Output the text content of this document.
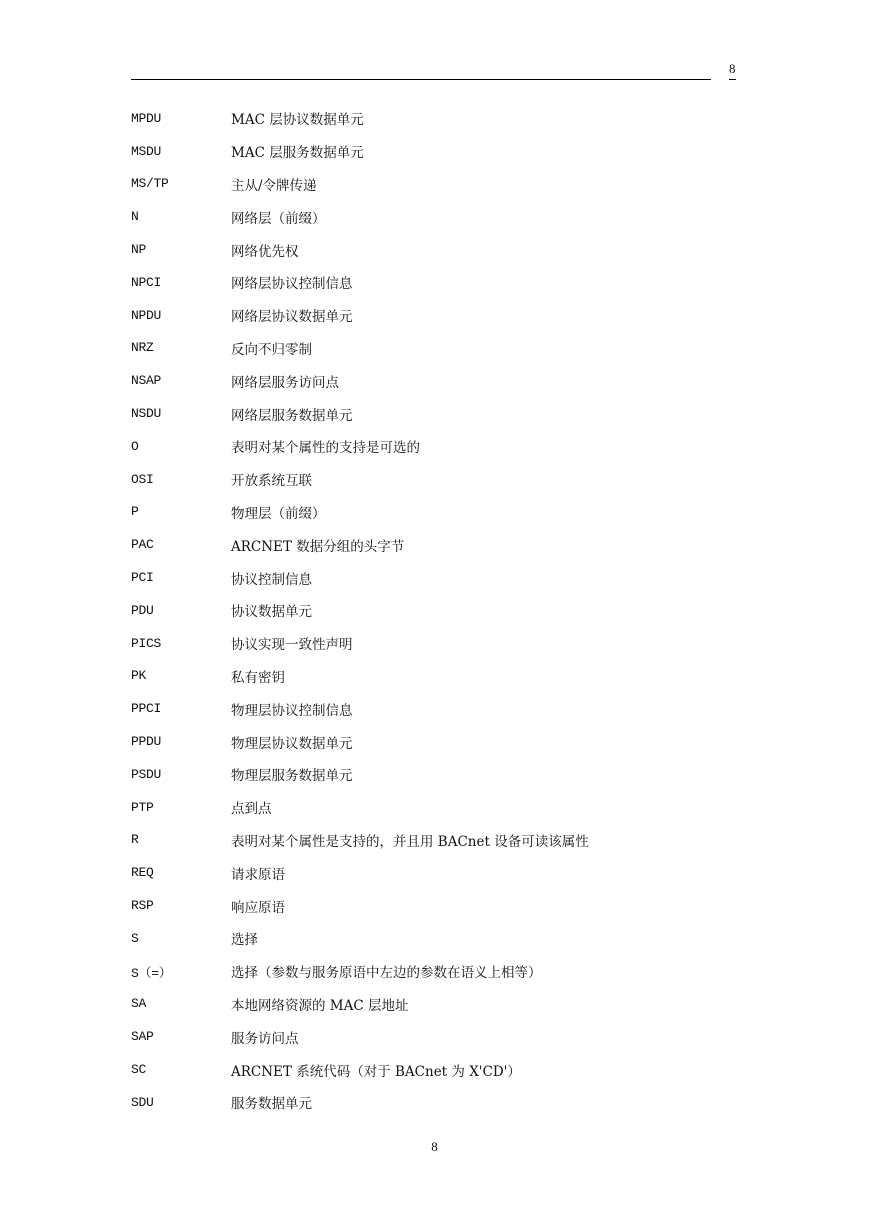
8
MPDU	MAC 层协议数据单元
MSDU	MAC 层服务数据单元
MS/TP	主从/令牌传递
N	网络层（前缀）
NP	网络优先权
NPCI	网络层协议控制信息
NPDU	网络层协议数据单元
NRZ	反向不归零制
NSAP	网络层服务访问点
NSDU	网络层服务数据单元
O	表明对某个属性的支持是可选的
OSI	开放系统互联
P	物理层（前缀）
PAC	ARCNET 数据分组的头字节
PCI	协议控制信息
PDU	协议数据单元
PICS	协议实现一致性声明
PK	私有密钥
PPCI	物理层协议控制信息
PPDU	物理层协议数据单元
PSDU	物理层服务数据单元
PTP	点到点
R	表明对某个属性是支持的，并且用 BACnet 设备可读该属性
REQ	请求原语
RSP	响应原语
S	选择
S（=）	选择（参数与服务原语中左边的参数在语义上相等）
SA	本地网络资源的 MAC 层地址
SAP	服务访问点
SC	ARCNET 系统代码（对于 BACnet 为 X'CD'）
SDU	服务数据单元
8
